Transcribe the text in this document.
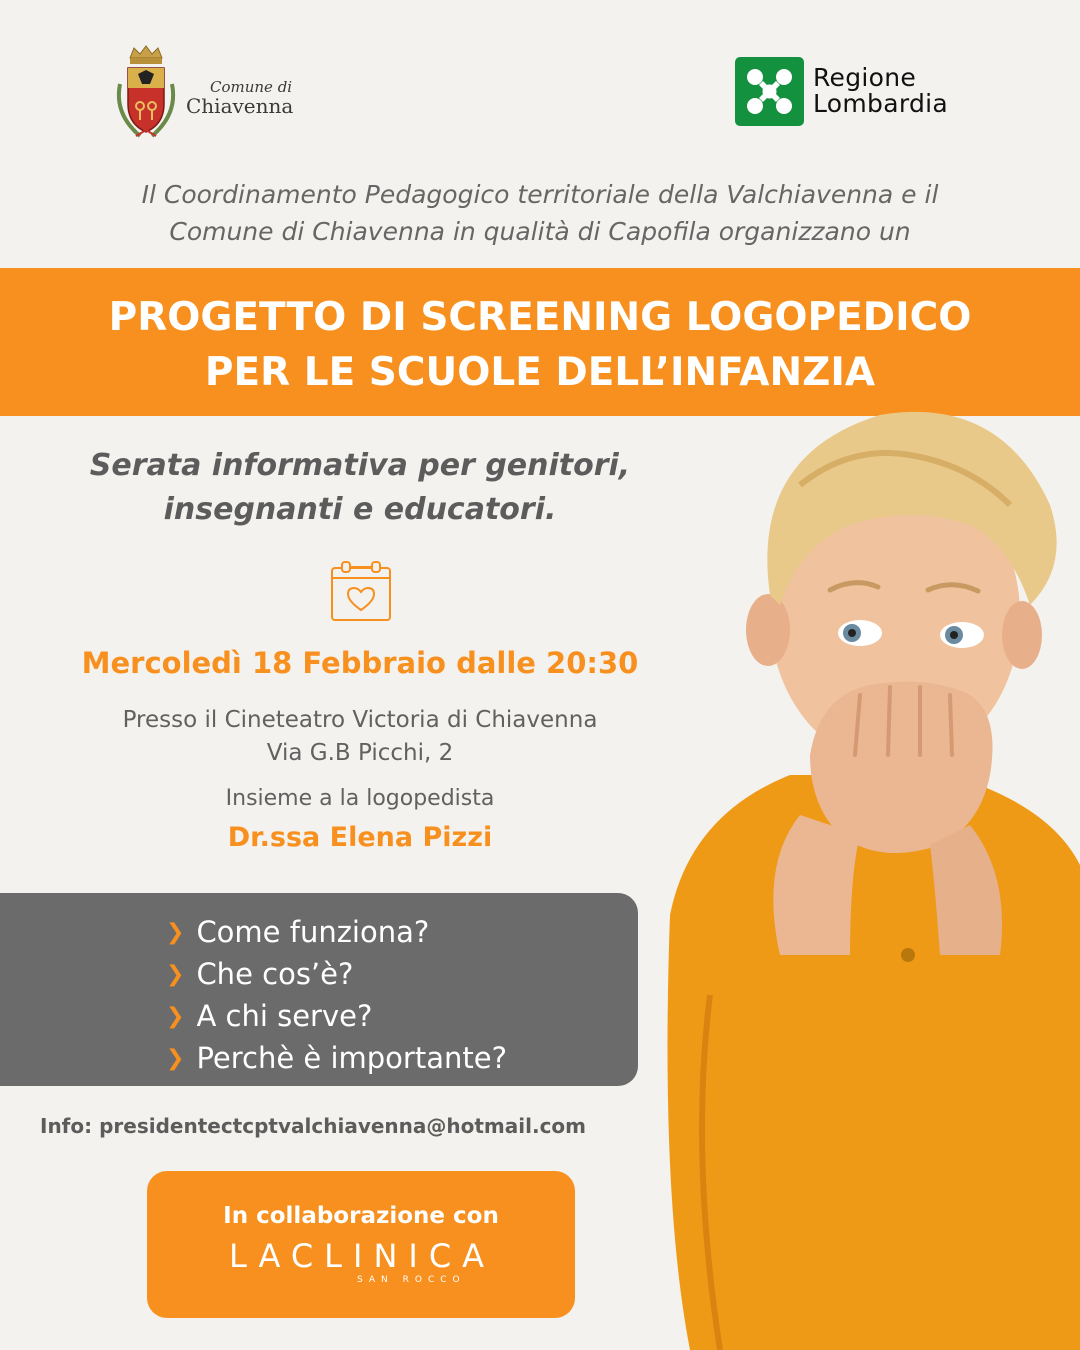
Comune di
Chiavenna
Regione
Lombardia
Il Coordinamento Pedagogico territoriale della Valchiavenna e il
Comune di Chiavenna in qualità di Capofila organizzano un
PROGETTO DI SCREENING LOGOPEDICO
PER LE SCUOLE DELL’INFANZIA
Serata informativa per genitori,
insegnanti e educatori.
Mercoledì 18 Febbraio dalle 20:30
Presso il Cineteatro Victoria di Chiavenna
Via G.B Picchi, 2
Insieme a la logopedista
Dr.ssa Elena Pizzi
❯ Come funziona?
❯ Che cos’è?
❯ A chi serve?
❯ Perchè è importante?
Info: presidentectcptvalchiavenna@hotmail.com
In collaborazione con
LACLINICA
SAN ROCCO
